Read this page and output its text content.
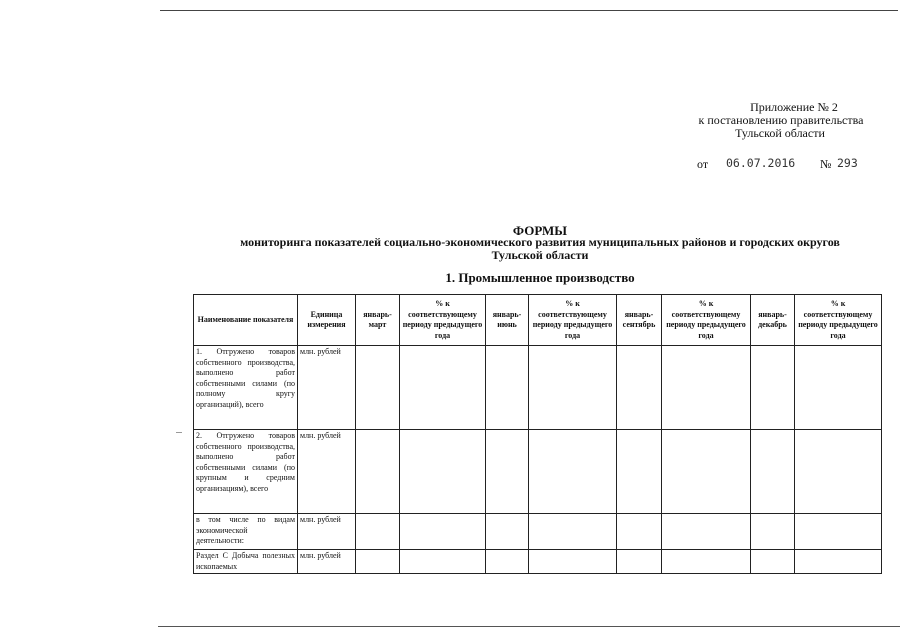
Приложение № 2
к постановлению правительства
Тульской области
от 06.07.2016 № 293
ФОРМЫ
мониторинга показателей социально-экономического развития муниципальных районов и городских округов Тульской области
1. Промышленное производство
Наименование показателя	Единица измерения	январь-март	% к соответствующему периоду предыдущего года	январь-июнь	% к соответствующему периоду предыдущего года	январь-сентябрь	% к соответствующему периоду предыдущего года	январь-декабрь	% к соответствующему периоду предыдущего года
1. Отгружено товаров собственного производства, выполнено работ собственными силами (по полному кругу организаций), всего	млн. рублей								
2. Отгружено товаров собственного производства, выполнено работ собственными силами (по крупным и средним организациям), всего	млн. рублей								
в том числе по видам экономической деятельности:	млн. рублей								
Раздел С Добыча полезных ископаемых	млн. рублей								
